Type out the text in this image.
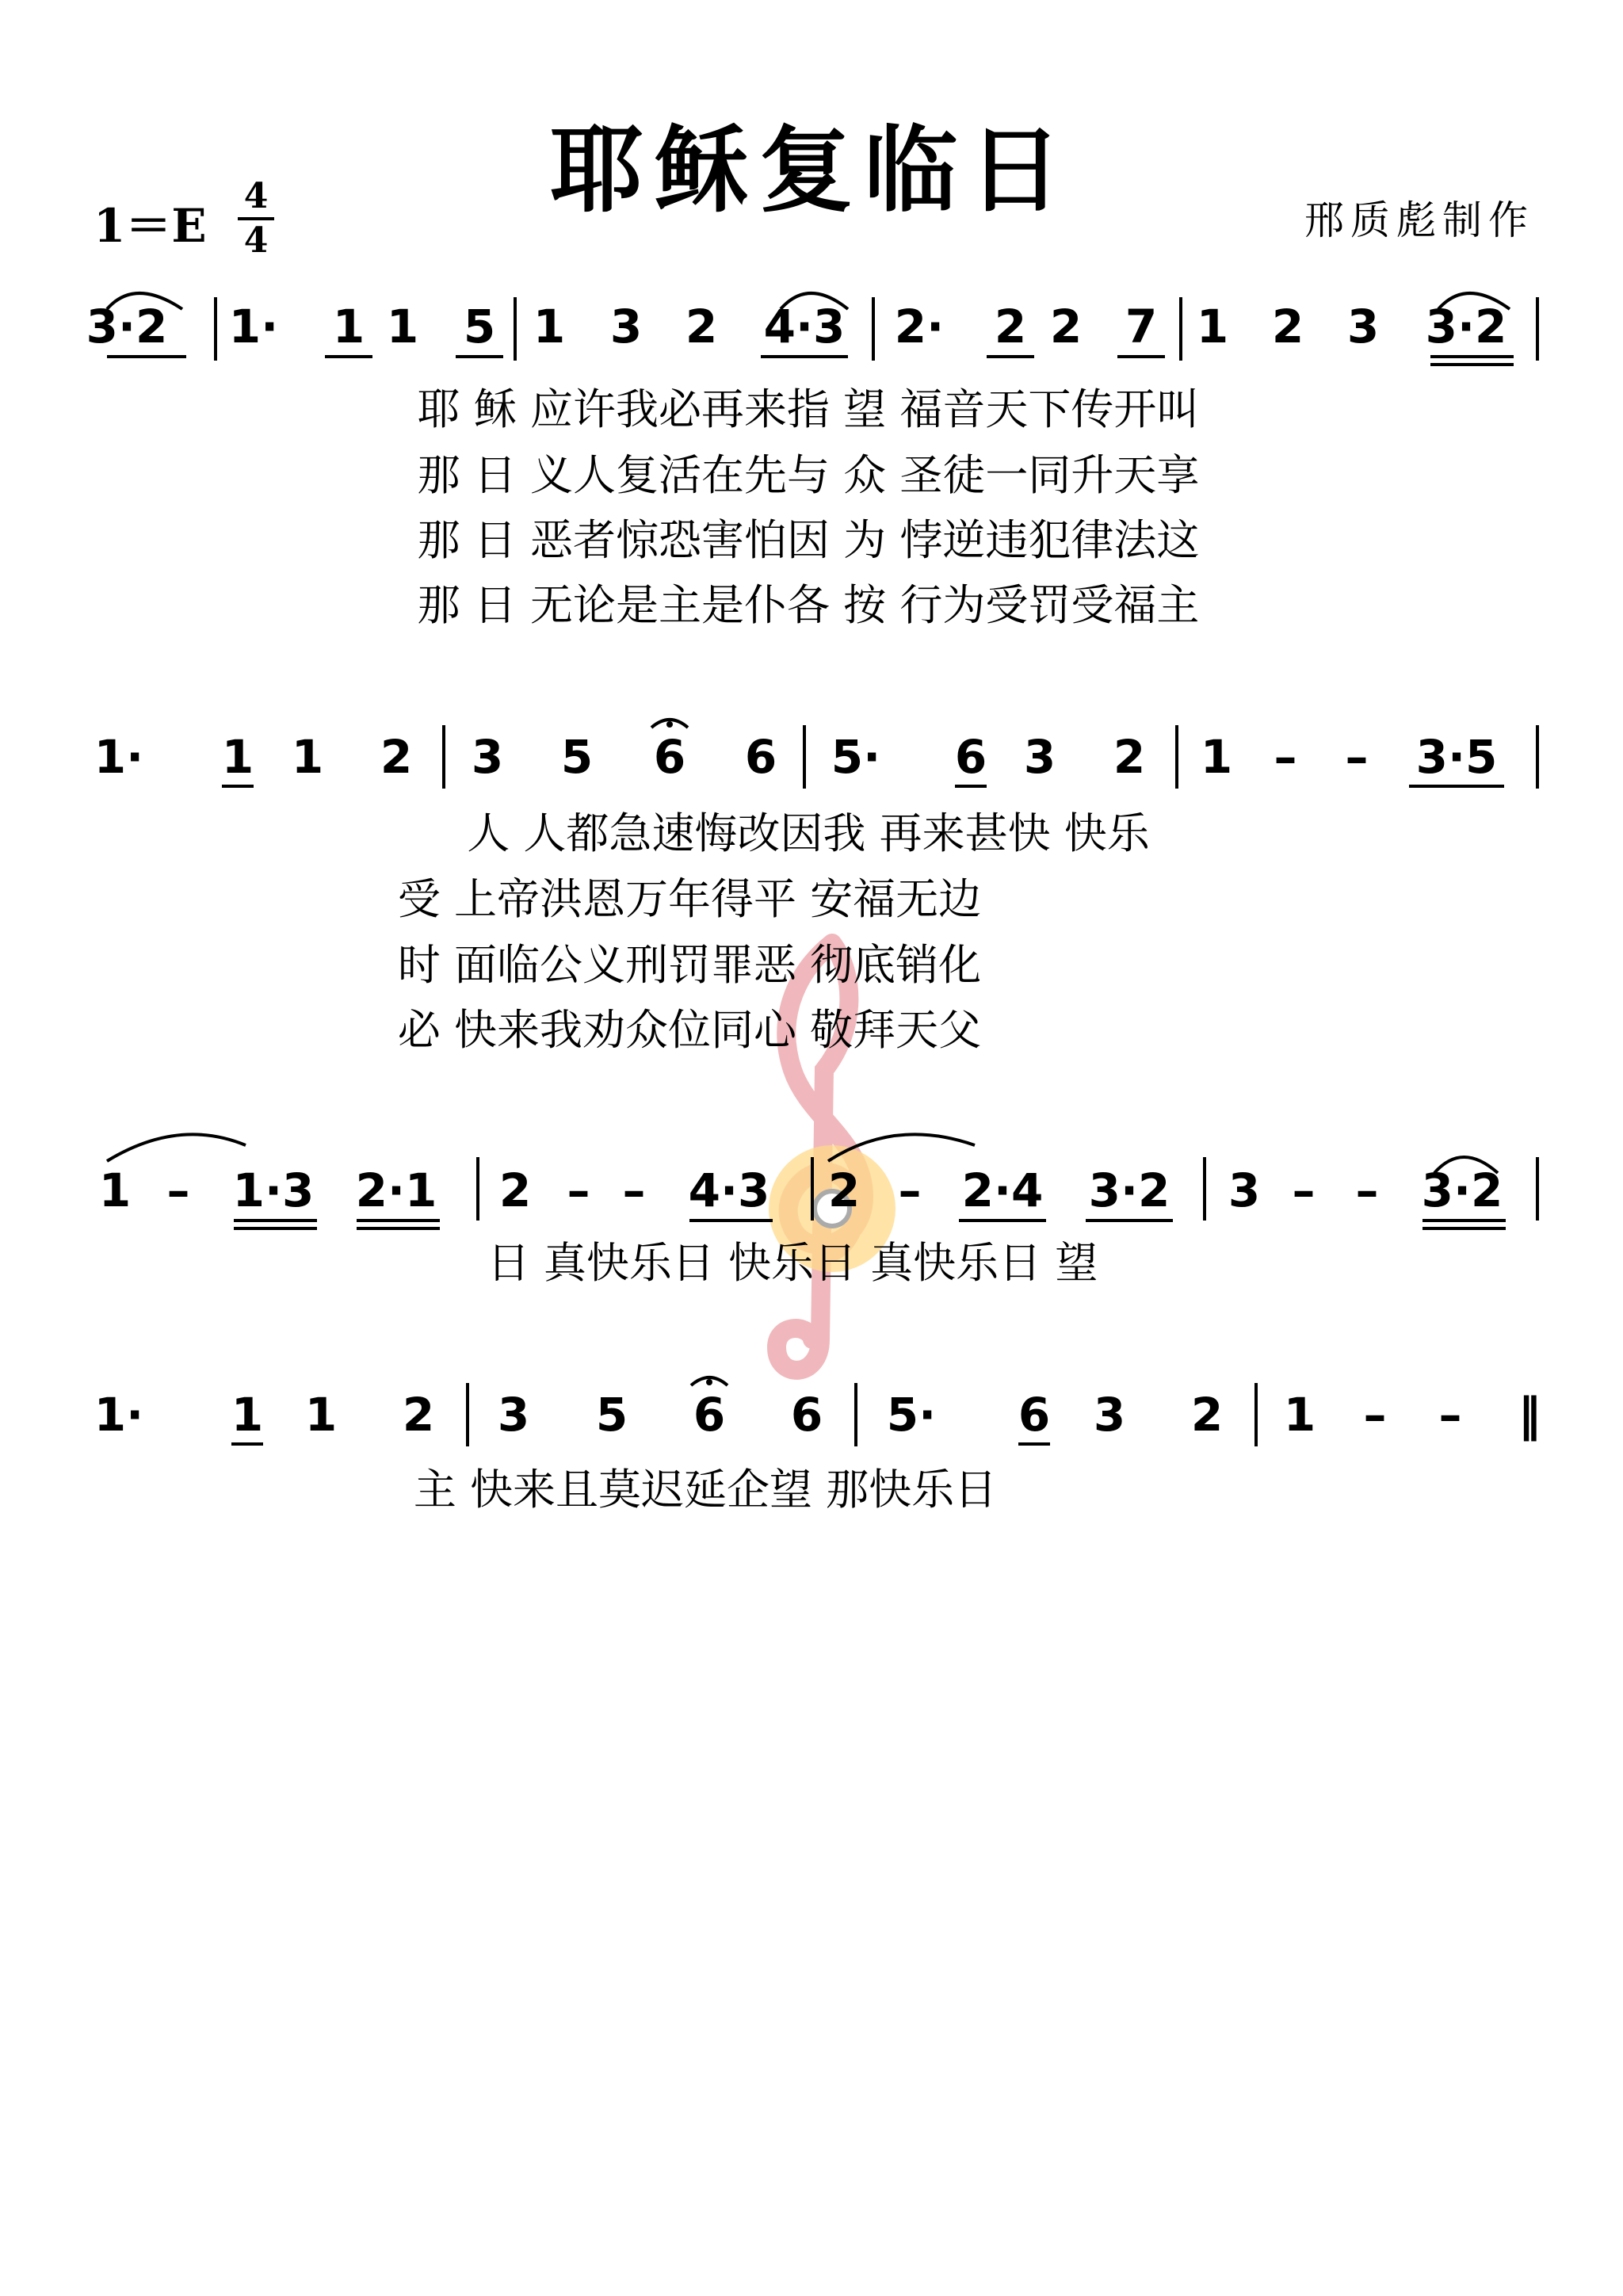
耶稣复临日
1＝E
4
4	邢质彪制作
3·2 1· 1 1 5 1 3 2 4·3 2· 2 2 7 1 2 3 3·2
耶 稣 应许我必再来指 望 福音天下传开叫
那 日 义人复活在先与 众 圣徒一同升天享
那 日 恶者惊恐害怕因 为 悖逆违犯律法这
那 日 无论是主是仆各 按 行为受罚受福主
1· 1 1 2 3 5 6 6 5· 6 3 2 1 – – 3·5
人 人都急速悔改因我 再来甚快 快乐
受 上帝洪恩万年得平 安福无边
时 面临公义刑罚罪恶 彻底销化
必 快来我劝众位同心 敬拜天父
1 – 1·3 2·1 2 – – 4·3 2 – 2·4 3·2 3 – – 3·2
日 真快乐日 快乐日 真快乐日 望
1· 1 1 2 3 5 6 6 5· 6 3 2 1 – – ‖
主 快来且莫迟延企望 那快乐日
